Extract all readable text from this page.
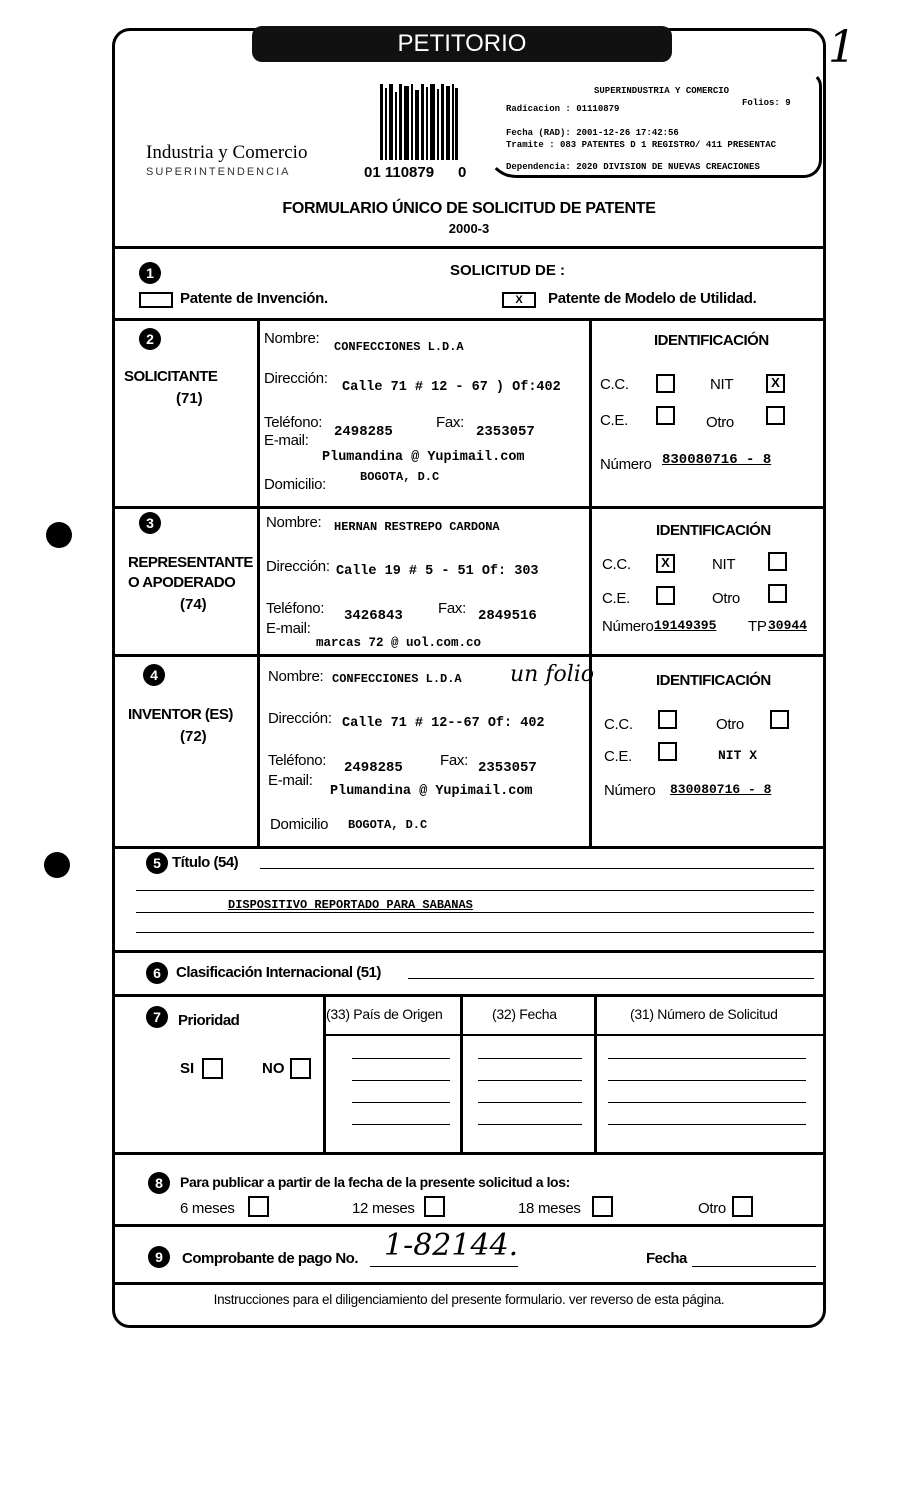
1
PETITORIO
Industria y Comercio
SUPERINTENDENCIA	01 110879 0
SUPERINDUSTRIA Y COMERCIO
Radicacion : 01110879
Folios: 9
Fecha (RAD): 2001-12-26 17:42:56
Tramite : 083 PATENTES D 1 REGISTRO/ 411 PRESENTAC
Dependencia: 2020 DIVISION DE NUEVAS CREACIONES
FORMULARIO ÚNICO DE SOLICITUD DE PATENTE
2000-3
1	SOLICITUD DE :
Patente de Invención.	X	Patente de Modelo de Utilidad.
2
SOLICITANTE
(71)
Nombre: CONFECCIONES L.D.A
Dirección:
Calle 71 # 12 - 67 ) Of:402
Teléfono:
2498285
Fax:
2353057
E-mail:
Plumandina @ Yupimail.com
Domicilio:	BOGOTA, D.C
IDENTIFICACIÓN
C.C.	NIT	X
C.E.	Otro
Número 830080716 - 8
3
REPRESENTANTE
O APODERADO
(74)
Nombre: HERNAN RESTREPO CARDONA
Dirección: Calle 19 # 5 - 51 Of: 303
Teléfono: 3426843 Fax: 2849516
E-mail:
marcas 72 @ uol.com.co
IDENTIFICACIÓN
C.C.	X	NIT
C.E.	Otro
Número 19149395 TP 30944
4
INVENTOR (ES)
(72)
Nombre: CONFECCIONES L.D.A un folio
Dirección: Calle 71 # 12--67 Of: 402
Teléfono: 2498285 Fax: 2353057
E-mail:
Plumandina @ Yupimail.com
Domicilio BOGOTA, D.C
IDENTIFICACIÓN
C.C.	Otro
C.E.	NIT X
Número 830080716 - 8
5 Título (54)
DISPOSITIVO REPORTADO PARA SABANAS
6	Clasificación Internacional (51)
7	Prioridad
SI	NO
(33) País de Origen	(32) Fecha	(31) Número de Solicitud
8	Para publicar a partir de la fecha de la presente solicitud a los:
6 meses	12 meses	18 meses	Otro
9	Comprobante de pago No. 1-82144.	Fecha
Instrucciones para el diligenciamiento del presente formulario. ver reverso de esta página.
